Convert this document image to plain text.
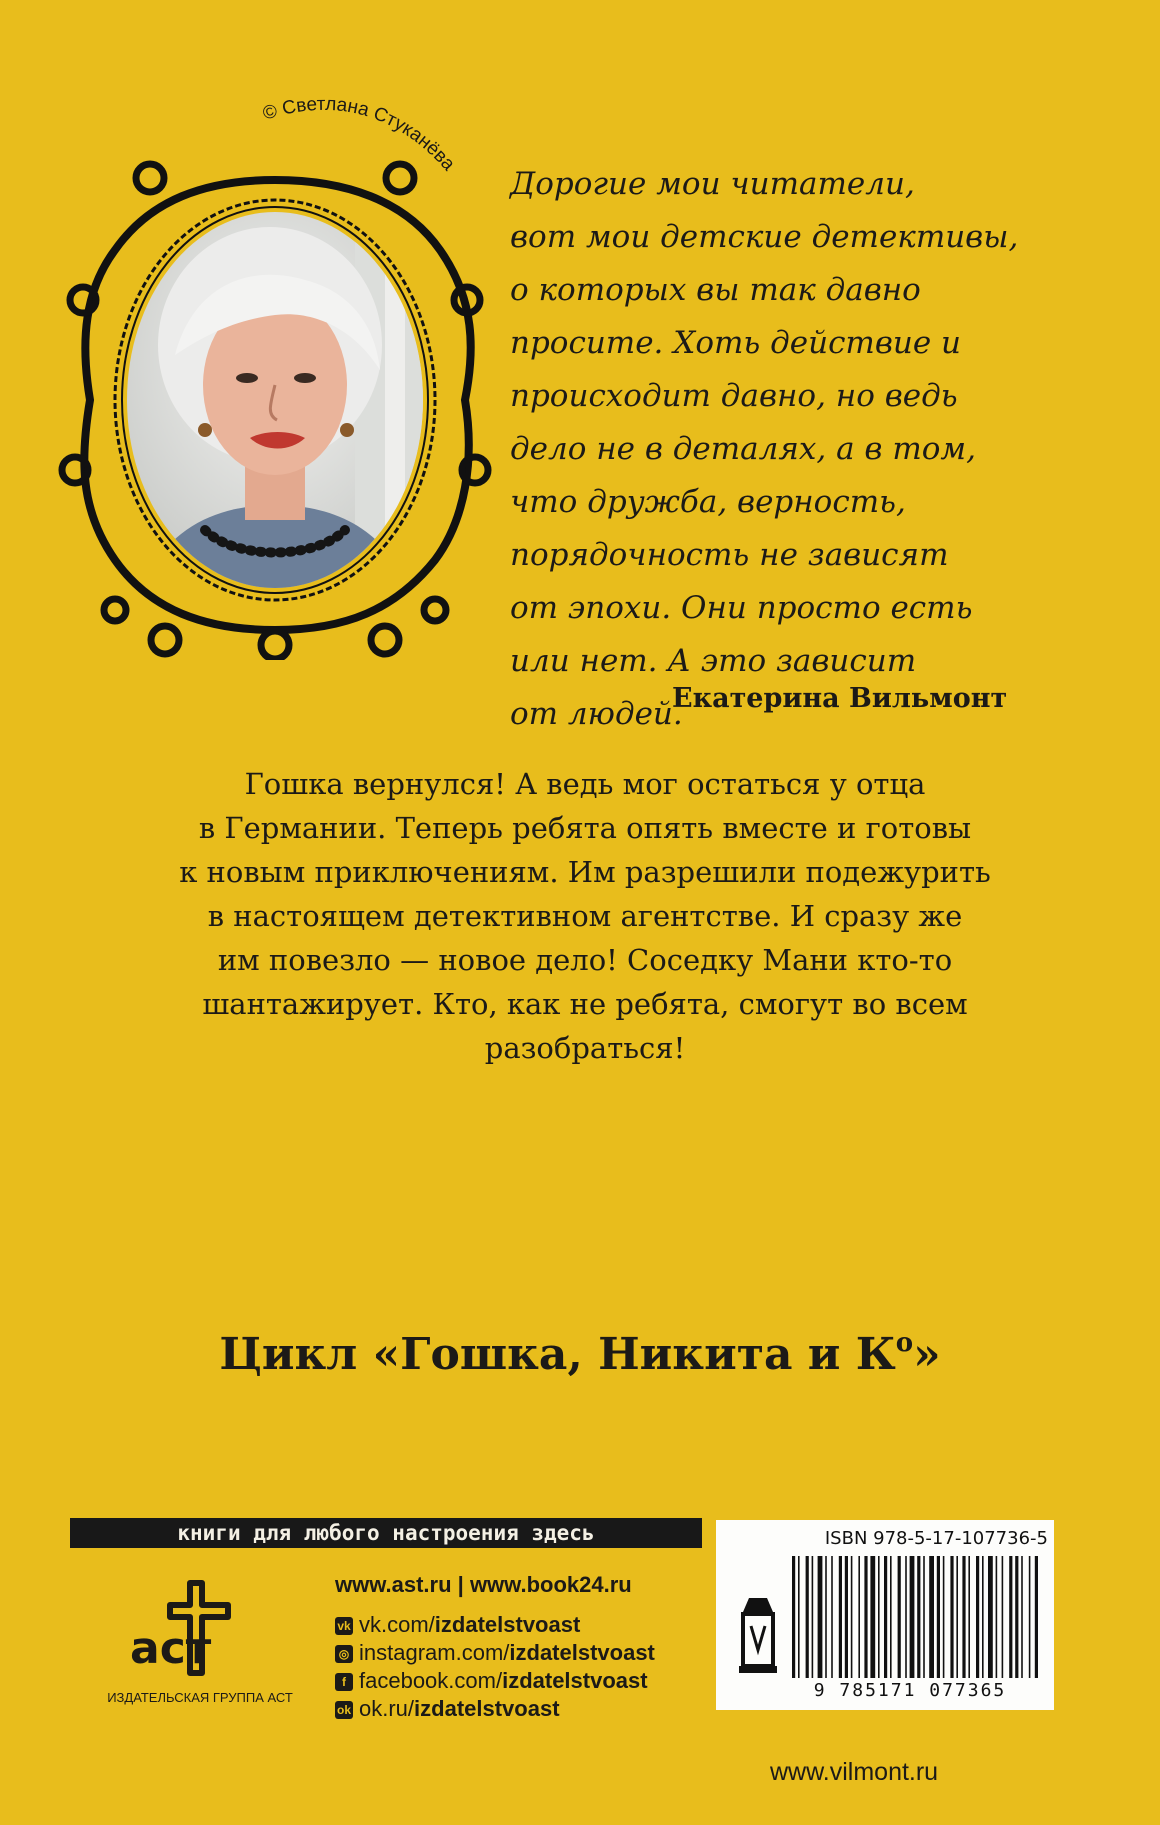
© Светлана Стуканёва
Дорогие мои читатели,
вот мои детские детективы,
о которых вы так давно
просите. Хоть действие и
происходит давно, но ведь
дело не в деталях, а в том,
что дружба, верность,
порядочность не зависят
от эпохи. Они просто есть
или нет. А это зависит
от людей.
Екатерина Вильмонт
Гошка вернулся! А ведь мог остаться у отца
в Германии. Теперь ребята опять вместе и готовы
к новым приключениям. Им разрешили подежурить
в настоящем детективном агентстве. И сразу же
им повезло — новое дело! Соседку Мани кто-то
шантажирует. Кто, как не ребята, смогут во всем
разобраться!
Цикл «Гошка, Никита и $К^о$»
книги для любого настроения здесь
аст
ИЗДАТЕЛЬСКАЯ ГРУППА АСТ
www.ast.ru | www.book24.ru
vk vk.com/izdatelstvoast
◎ instagram.com/izdatelstvoast
f facebook.com/izdatelstvoast
ok ok.ru/izdatelstvoast
ISBN 978-5-17-107736-5
9 785171 077365
www.vilmont.ru
